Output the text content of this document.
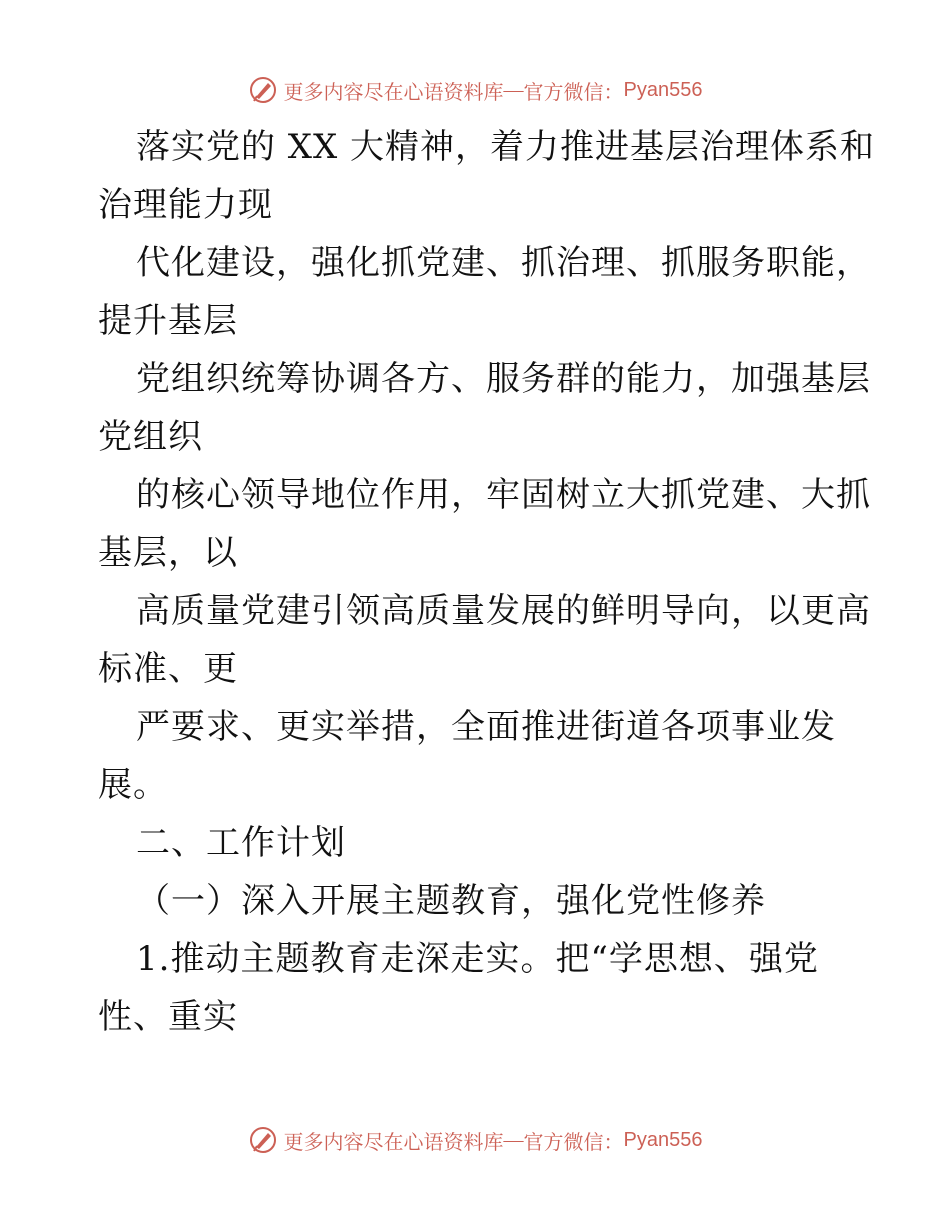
更多内容尽在心语资料库 — 官方微信： Pyan556
落实党的 XX 大精神，着力推进基层治理体系和
治理能力现
代化建设，强化抓党建、抓治理、抓服务职能，
提升基层
党组织统筹协调各方、服务群的能力，加强基层
党组织
的核心领导地位作用，牢固树立大抓党建、大抓
基层，以
高质量党建引领高质量发展的鲜明导向，以更高
标准、更
严要求、更实举措，全面推进街道各项事业发
展。
二、工作计划
（一）深入开展主题教育，强化党性修养
1.推动主题教育走深走实。把“学思想、强党
性、重实
更多内容尽在心语资料库 — 官方微信： Pyan556
